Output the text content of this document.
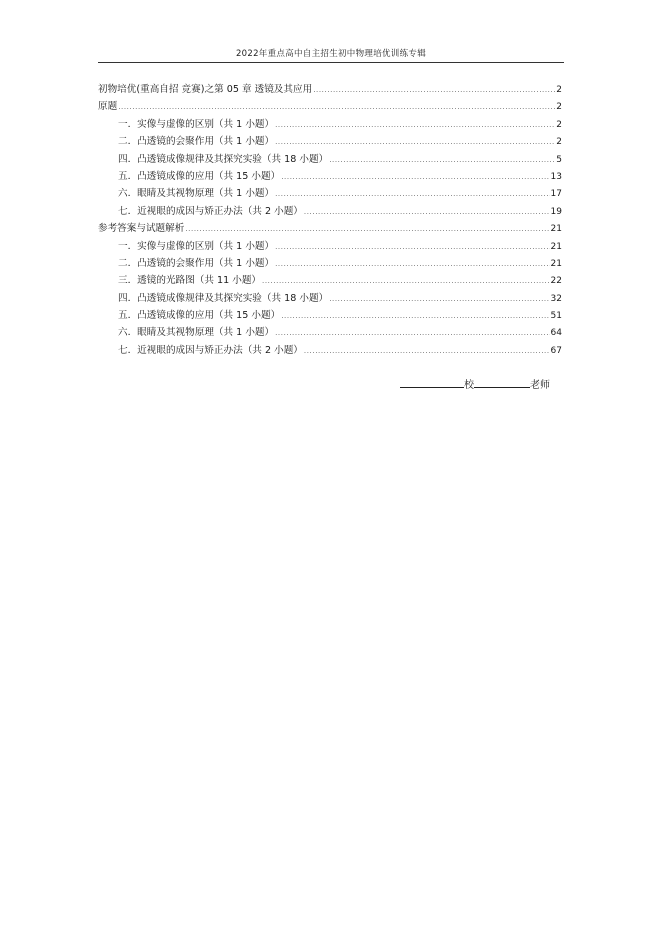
2022年重点高中自主招生初中物理培优训练专辑
初物培优(重高自招 竞赛)之第 05 章 透镜及其应用 .....	2
原题 .....	2
一．实像与虚像的区别（共 1 小题） .....	2
二．凸透镜的会聚作用（共 1 小题） .....	2
四．凸透镜成像规律及其探究实验（共 18 小题） .....	5
五．凸透镜成像的应用（共 15 小题） .....	13
六．眼睛及其视物原理（共 1 小题） .....	17
七．近视眼的成因与矫正办法（共 2 小题） .....	19
参考答案与试题解析 .....	21
一．实像与虚像的区别（共 1 小题） .....	21
二．凸透镜的会聚作用（共 1 小题） .....	21
三．透镜的光路图（共 11 小题） .....	22
四．凸透镜成像规律及其探究实验（共 18 小题） .....	32
五．凸透镜成像的应用（共 15 小题） .....	51
六．眼睛及其视物原理（共 1 小题） .....	64
七．近视眼的成因与矫正办法（共 2 小题） .....	67
校	老师
